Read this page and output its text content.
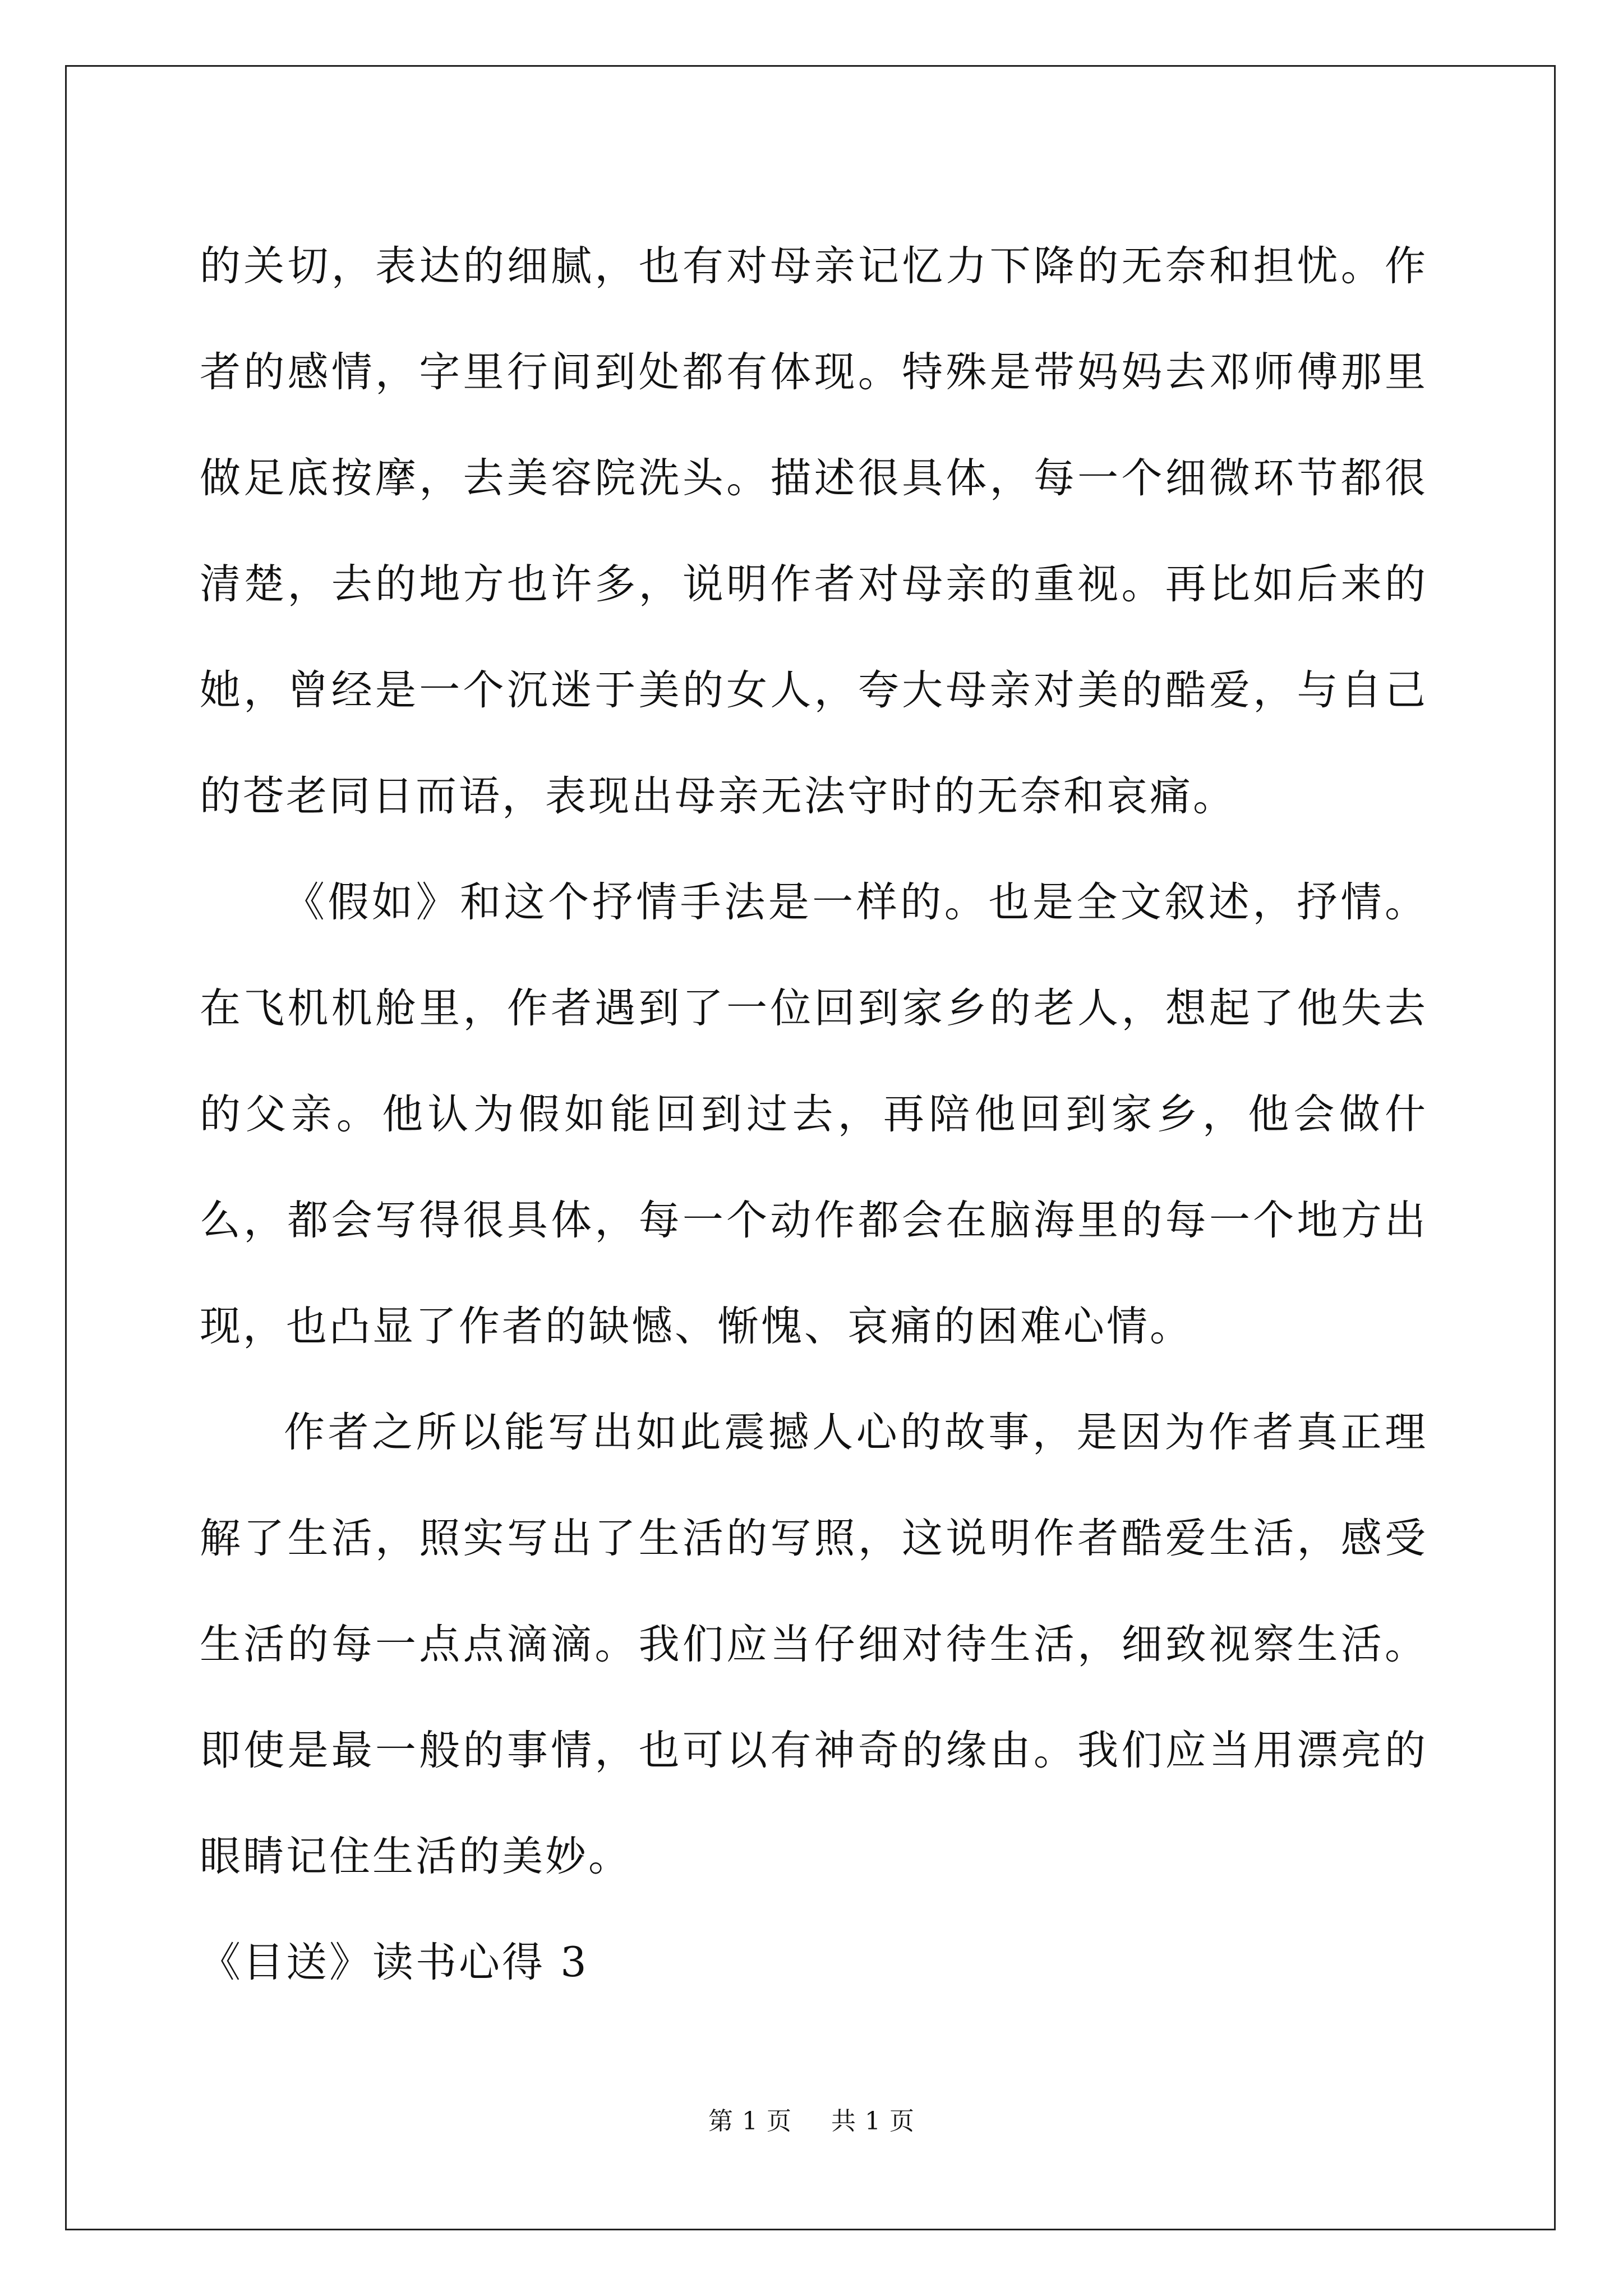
的关切，表达的细腻，也有对母亲记忆力下降的无奈和担忧。作者的感情，字里行间到处都有体现。特殊是带妈妈去邓师傅那里做足底按摩，去美容院洗头。描述很具体，每一个细微环节都很清楚，去的地方也许多，说明作者对母亲的重视。再比如后来的她，曾经是一个沉迷于美的女人，夸大母亲对美的酷爱，与自己的苍老同日而语，表现出母亲无法守时的无奈和哀痛。

《假如》和这个抒情手法是一样的。也是全文叙述，抒情。在飞机机舱里，作者遇到了一位回到家乡的老人，想起了他失去的父亲。他认为假如能回到过去，再陪他回到家乡，他会做什么，都会写得很具体，每一个动作都会在脑海里的每一个地方出现，也凸显了作者的缺憾、惭愧、哀痛的困难心情。

作者之所以能写出如此震撼人心的故事，是因为作者真正理解了生活，照实写出了生活的写照，这说明作者酷爱生活，感受生活的每一点点滴滴。我们应当仔细对待生活，细致视察生活。即使是最一般的事情，也可以有神奇的缘由。我们应当用漂亮的眼睛记住生活的美妙。

《目送》读书心得 3

第 1 页 共 1 页
